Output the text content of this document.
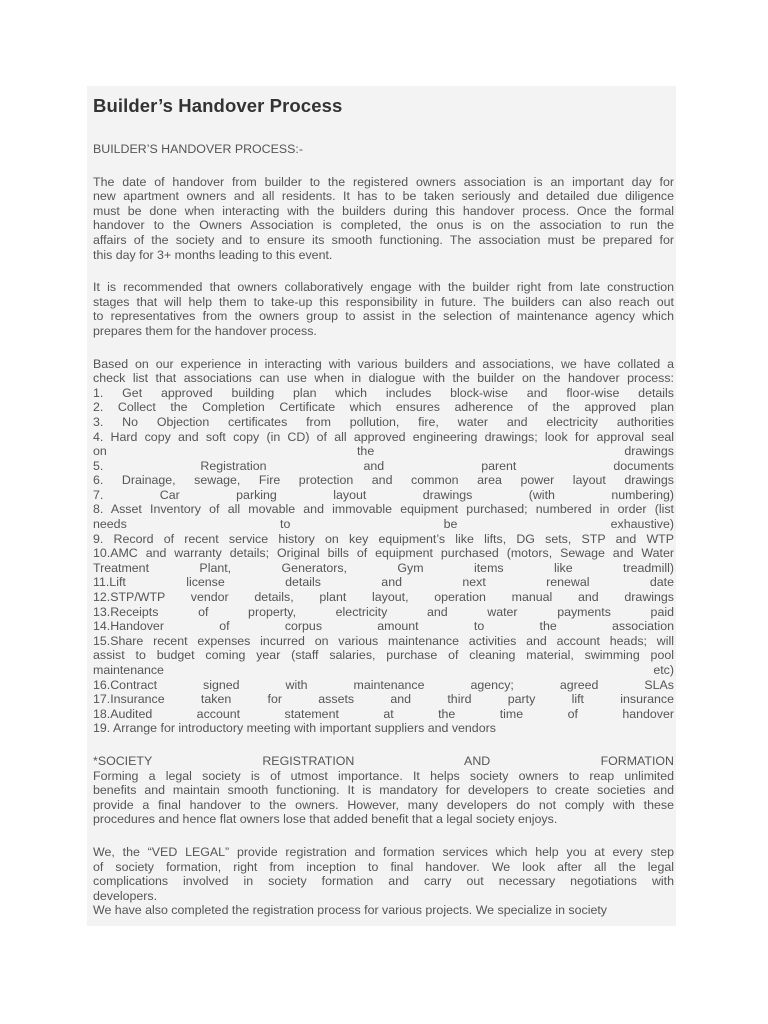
Builder’s Handover Process
BUILDER’S HANDOVER PROCESS:-

The date of handover from builder to the registered owners association is an important day for

new apartment owners and all residents. It has to be taken seriously and detailed due diligence

must be done when interacting with the builders during this handover process. Once the formal

handover to the Owners Association is completed, the onus is on the association to run the

affairs of the society and to ensure its smooth functioning. The association must be prepared for

this day for 3+ months leading to this event.

It is recommended that owners collaboratively engage with the builder right from late construction

stages that will help them to take-up this responsibility in future. The builders can also reach out

to representatives from the owners group to assist in the selection of maintenance agency which

prepares them for the handover process.

Based on our experience in interacting with various builders and associations, we have collated a

check list that associations can use when in dialogue with the builder on the handover process:

1. Get approved building plan which includes block-wise and floor-wise details

2. Collect the Completion Certificate which ensures adherence of the approved plan

3. No Objection certificates from pollution, fire, water and electricity authorities

4. Hard copy and soft copy (in CD) of all approved engineering drawings; look for approval seal

on the drawings

5. Registration and parent documents

6. Drainage, sewage, Fire protection and common area power layout drawings

7. Car parking layout drawings (with numbering)

8. Asset Inventory of all movable and immovable equipment purchased; numbered in order (list

needs to be exhaustive)

9. Record of recent service history on key equipment’s like lifts, DG sets, STP and WTP

10.AMC and warranty details; Original bills of equipment purchased (motors, Sewage and Water

Treatment Plant, Generators, Gym items like treadmill)

11.Lift license details and next renewal date

12.STP/WTP vendor details, plant layout, operation manual and drawings

13.Receipts of property, electricity and water payments paid

14.Handover of corpus amount to the association

15.Share recent expenses incurred on various maintenance activities and account heads; will

assist to budget coming year (staff salaries, purchase of cleaning material, swimming pool

maintenance etc)

16.Contract signed with maintenance agency; agreed SLAs

17.Insurance taken for assets and third party lift insurance

18.Audited account statement at the time of handover

19. Arrange for introductory meeting with important suppliers and vendors

*SOCIETY REGISTRATION AND FORMATION

Forming a legal society is of utmost importance. It helps society owners to reap unlimited

benefits and maintain smooth functioning. It is mandatory for developers to create societies and

provide a final handover to the owners. However, many developers do not comply with these

procedures and hence flat owners lose that added benefit that a legal society enjoys.

We, the “VED LEGAL” provide registration and formation services which help you at every step

of society formation, right from inception to final handover. We look after all the legal

complications involved in society formation and carry out necessary negotiations with

developers.

We have also completed the registration process for various projects. We specialize in society
